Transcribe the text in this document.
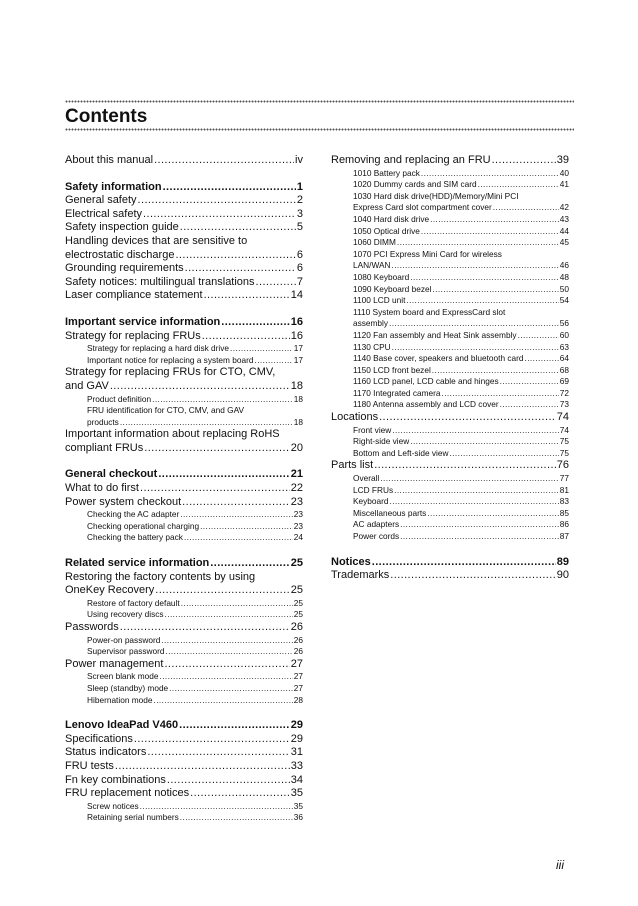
Contents
About this manual .....	iv
Safety information .....	1
General safety .....	2
Electrical safety .....	3
Safety inspection guide .....	5
Handling devices that are sensitive to
electrostatic discharge .....	6
Grounding requirements .....	6
Safety notices: multilingual translations .....	7
Laser compliance statement .....	14
Important service information .....	16
Strategy for replacing FRUs .....	16
Strategy for replacing a hard disk drive .....	17
Important notice for replacing a system board .....	17
Strategy for replacing FRUs for CTO, CMV,
and GAV .....	18
Product definition .....	18
FRU identification for CTO, CMV, and GAV
products .....	18
Important information about replacing RoHS
compliant FRUs .....	20
General checkout .....	21
What to do first .....	22
Power system checkout .....	23
Checking the AC adapter .....	23
Checking operational charging .....	23
Checking the battery pack .....	24
Related service information .....	25
Restoring the factory contents by using
OneKey Recovery .....	25
Restore of factory default .....	25
Using recovery discs .....	25
Passwords .....	26
Power-on password .....	26
Supervisor password .....	26
Power management .....	27
Screen blank mode .....	27
Sleep (standby) mode .....	27
Hibernation mode .....	28
Lenovo IdeaPad V460 .....	29
Specifications .....	29
Status indicators .....	31
FRU tests .....	33
Fn key combinations .....	34
FRU replacement notices .....	35
Screw notices .....	35
Retaining serial numbers .....	36
Removing and replacing an FRU .....	39
1010 Battery pack .....	40
1020 Dummy cards and SIM card .....	41
1030 Hard disk drive(HDD)/Memory/Mini PCI
Express Card slot compartment cover .....	42
1040 Hard disk drive .....	43
1050 Optical drive .....	44
1060 DIMM .....	45
1070 PCI Express Mini Card for wireless
LAN/WAN .....	46
1080 Keyboard .....	48
1090 Keyboard bezel .....	50
1100 LCD unit .....	54
1110 System board and ExpressCard slot
assembly .....	56
1120 Fan assembly and Heat Sink assembly .....	60
1130 CPU .....	63
1140 Base cover, speakers and bluetooth card .....	64
1150 LCD front bezel .....	68
1160 LCD panel, LCD cable and hinges .....	69
1170 Integrated camera .....	72
1180 Antenna assembly and LCD cover .....	73
Locations .....	74
Front view .....	74
Right-side view .....	75
Bottom and Left-side view .....	75
Parts list .....	76
Overall .....	77
LCD FRUs .....	81
Keyboard .....	83
Miscellaneous parts .....	85
AC adapters .....	86
Power cords .....	87
Notices .....	89
Trademarks .....	90
iii
